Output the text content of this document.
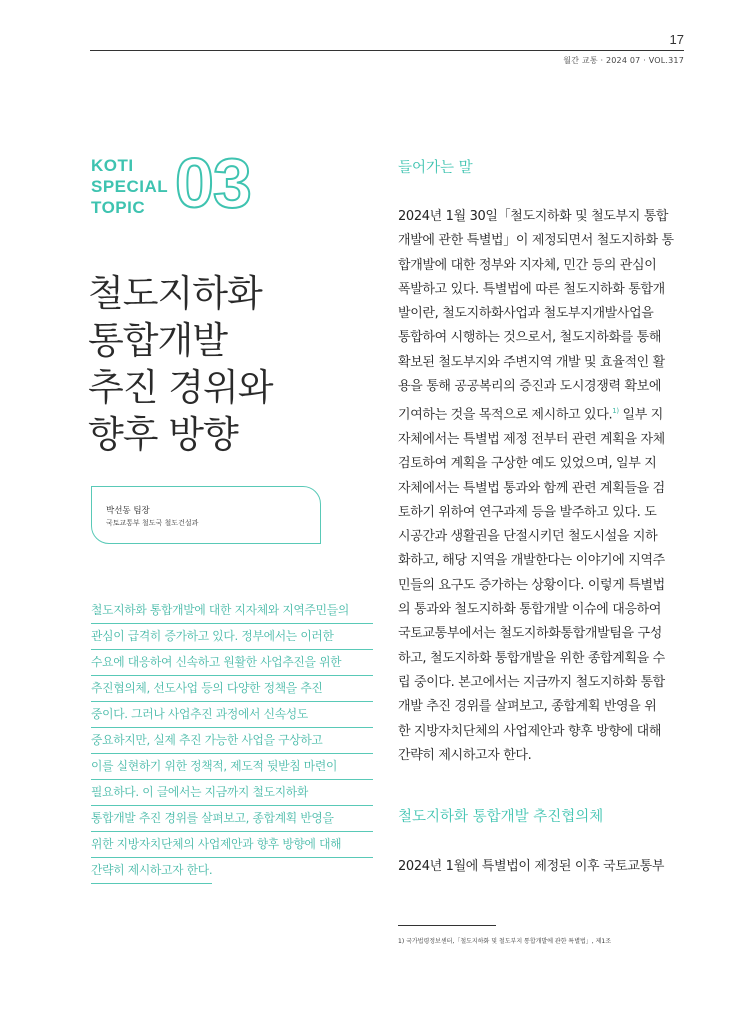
17
월간 교통 · 2024 07 · VOL.317
KOTI
SPECIAL
TOPIC 03
철도지하화
통합개발
추진 경위와
향후 방향
박선동 팀장
국토교통부 철도국 철도건설과
철도지하화 통합개발에 대한 지자체와 지역주민들의
관심이 급격히 증가하고 있다. 정부에서는 이러한
수요에 대응하여 신속하고 원활한 사업추진을 위한
추진협의체, 선도사업 등의 다양한 정책을 추진
중이다. 그러나 사업추진 과정에서 신속성도
중요하지만, 실제 추진 가능한 사업을 구상하고
이를 실현하기 위한 정책적, 제도적 뒷받침 마련이
필요하다. 이 글에서는 지금까지 철도지하화
통합개발 추진 경위를 살펴보고, 종합계획 반영을
위한 지방자치단체의 사업제안과 향후 방향에 대해
간략히 제시하고자 한다.
들어가는 말
2024년 1월 30일「철도지하화 및 철도부지 통합
개발에 관한 특별법」이 제정되면서 철도지하화 통
합개발에 대한 정부와 지자체, 민간 등의 관심이
폭발하고 있다. 특별법에 따른 철도지하화 통합개
발이란, 철도지하화사업과 철도부지개발사업을
통합하여 시행하는 것으로서, 철도지하화를 통해
확보된 철도부지와 주변지역 개발 및 효율적인 활
용을 통해 공공복리의 증진과 도시경쟁력 확보에
기여하는 것을 목적으로 제시하고 있다.$^{1)}$ 일부 지
자체에서는 특별법 제정 전부터 관련 계획을 자체
검토하여 계획을 구상한 예도 있었으며, 일부 지
자체에서는 특별법 통과와 함께 관련 계획들을 검
토하기 위하여 연구과제 등을 발주하고 있다. 도
시공간과 생활권을 단절시키던 철도시설을 지하
화하고, 해당 지역을 개발한다는 이야기에 지역주
민들의 요구도 증가하는 상황이다. 이렇게 특별법
의 통과와 철도지하화 통합개발 이슈에 대응하여
국토교통부에서는 철도지하화통합개발팀을 구성
하고, 철도지하화 통합개발을 위한 종합계획을 수
립 중이다. 본고에서는 지금까지 철도지하화 통합
개발 추진 경위를 살펴보고, 종합계획 반영을 위
한 지방자치단체의 사업제안과 향후 방향에 대해
간략히 제시하고자 한다.
철도지하화 통합개발 추진협의체
2024년 1월에 특별법이 제정된 이후 국토교통부
1) 국가법령정보센터,「철도지하화 및 철도부지 통합개발에 관한 특별법」, 제1조
